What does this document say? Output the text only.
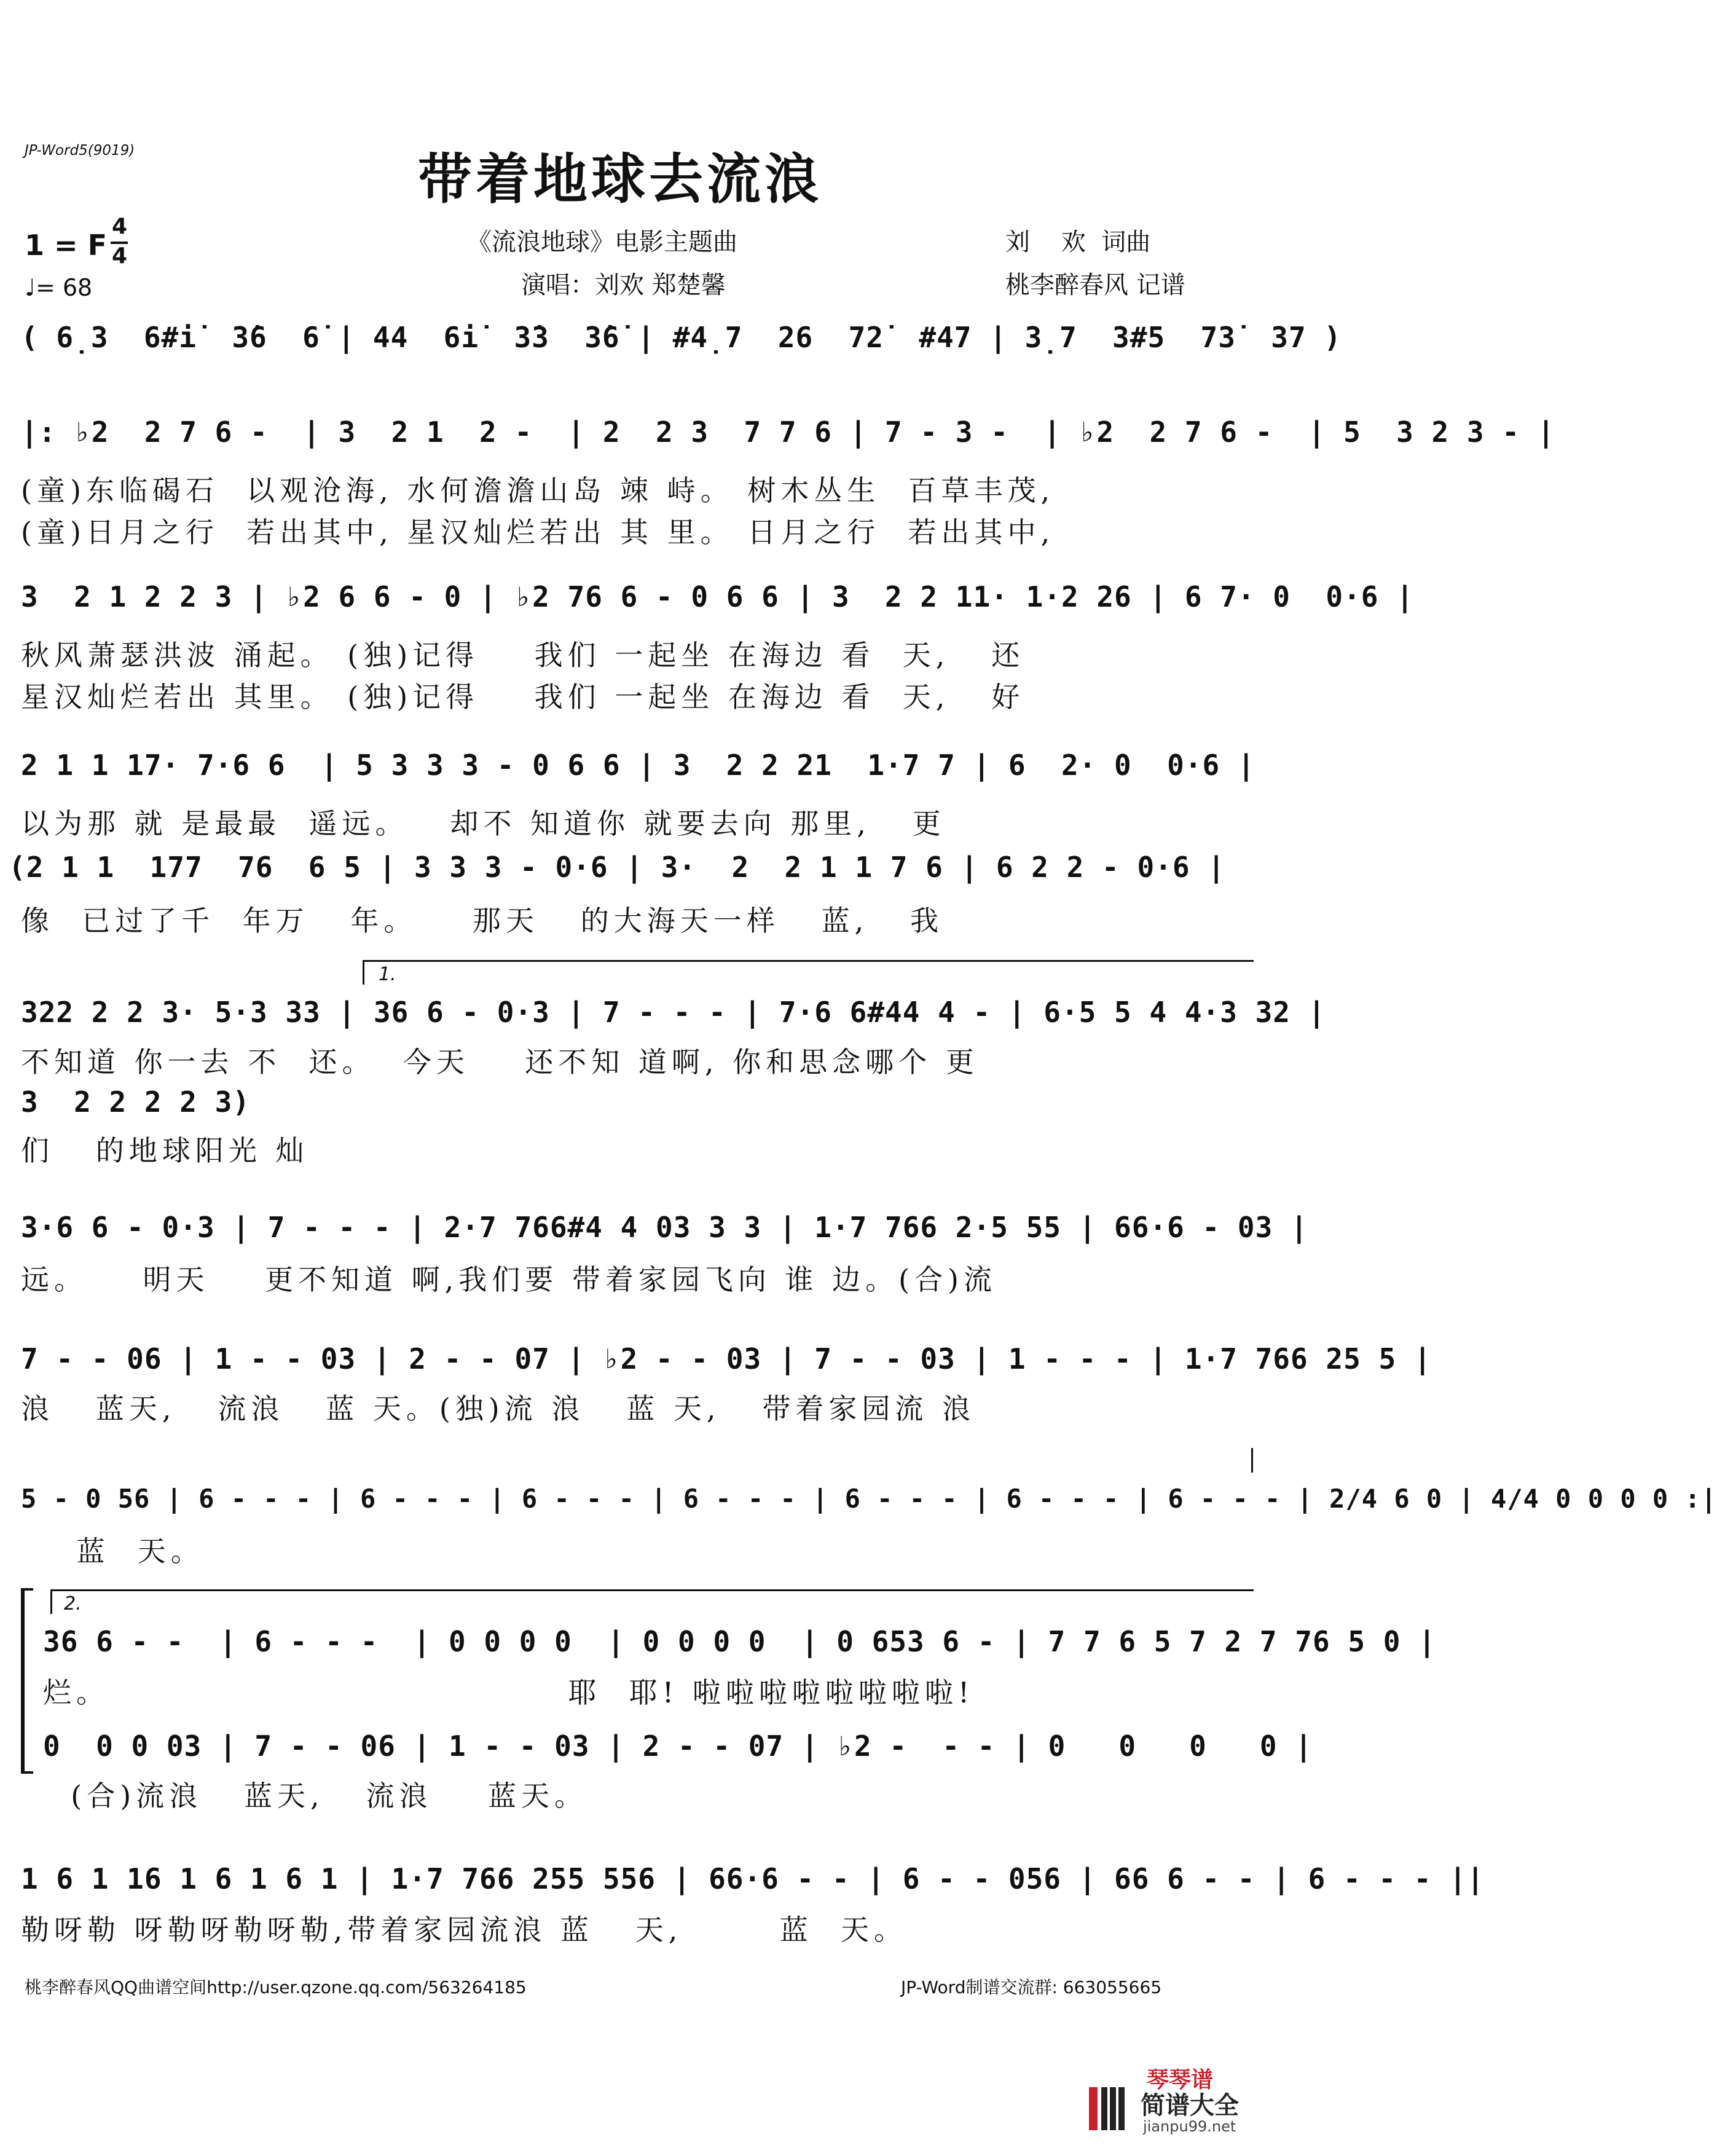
JP-Word5(9019)	带着地球去流浪
《流浪地球》电影主题曲
演唱：刘欢 郑楚馨
刘    欢  词曲
桃李醉春风 记谱
1 = F
4
4
♩= 68
( 6̣3  6#i̇  3̇6  6̇ | 44  6i̇  3̇3  3̇6̇ | #4̣7  26  72̇  #47 | 3̣7  3#5  73̇  37 )
|: ♭2  2 7 6 -  | 3  2 1  2 -  | 2  2 3  7 7 6 | 7 - 3 -  | ♭2  2 7 6 -  | 5  3 2 3 - |
(童)东临碣石  以观沧海, 水何澹澹山岛 竦 峙。 树木丛生  百草丰茂,
(童)日月之行  若出其中, 星汉灿烂若出 其 里。 日月之行  若出其中,
3  2 1 2 2 3 | ♭2 6 6 - 0 | ♭2 76 6 - 0 6 6 | 3  2 2 11· 1·2 26 | 6 7· 0  0·6 |
秋风萧瑟洪波 涌起。 (独)记得    我们 一起坐 在海边 看  天,   还
星汉灿烂若出 其里。 (独)记得    我们 一起坐 在海边 看  天,   好
2 1 1 17· 7·6 6  | 5 3 3 3 - 0 6 6 | 3  2 2 21  1·7 7 | 6  2· 0  0·6 |
以为那 就 是最最  遥远。   却不 知道你 就要去向 那里,   更
(2 1 1  177  76  6 5 | 3 3 3 - 0·6 | 3·  2  2 1 1 7 6 | 6 2 2 - 0·6 |
像  已过了千  年万   年。    那天   的大海天一样   蓝,   我
1.
322 2 2 3· 5·3 33 | 36 6 - 0·3 | 7 - - - | 7·6 6#44 4 - | 6·5 5 4 4·3 32 |
不知道 你一去 不  还。  今天    还不知 道啊, 你和思念哪个 更
3  2 2 2 2 3)
们   的地球阳光 灿
3·6 6 - 0·3 | 7 - - - | 2·7 766#4 4 03 3 3 | 1·7 766 2·5 55 | 66·6 - 03 |
远。    明天    更不知道 啊,我们要 带着家园飞向 谁 边。(合)流
7 - - 06 | 1 - - 03 | 2 - - 07 | ♭2 - - 03 | 7 - - 03 | 1 - - - | 1·7 766 25 5 |
浪   蓝天,   流浪   蓝 天。(独)流 浪   蓝 天,   带着家园流 浪
5 - 0 56 | 6 - - - | 6 - - - | 6 - - - | 6 - - - | 6 - - - | 6 - - - | 6 - - - | 2/4 6 0 | 4/4 0 0 0 0 :|
蓝  天。
2.
36 6 - -  | 6 - - -  | 0 0 0 0  | 0 0 0 0  | 0 653 6 - | 7 7 6 5 7 2 7 76 5 0 |
烂。                                 耶  耶! 啦啦啦啦啦啦啦啦!
0  0 0 03 | 7 - - 06 | 1 - - 03 | 2 - - 07 | ♭2 -  - - | 0   0   0   0 |
(合)流浪   蓝天,   流浪    蓝天。
1 6 1 16 1 6 1 6 1 | 1·7 766 255 556 | 66·6 - - | 6 - - 056 | 66 6 - - | 6 - - - ||
勒呀勒 呀勒呀勒呀勒,带着家园流浪 蓝   天,       蓝  天。
桃李醉春风QQ曲谱空间http://user.qzone.qq.com/563264185	JP-Word制谱交流群: 663055665
琴琴谱
简谱大全
jianpu99.net
